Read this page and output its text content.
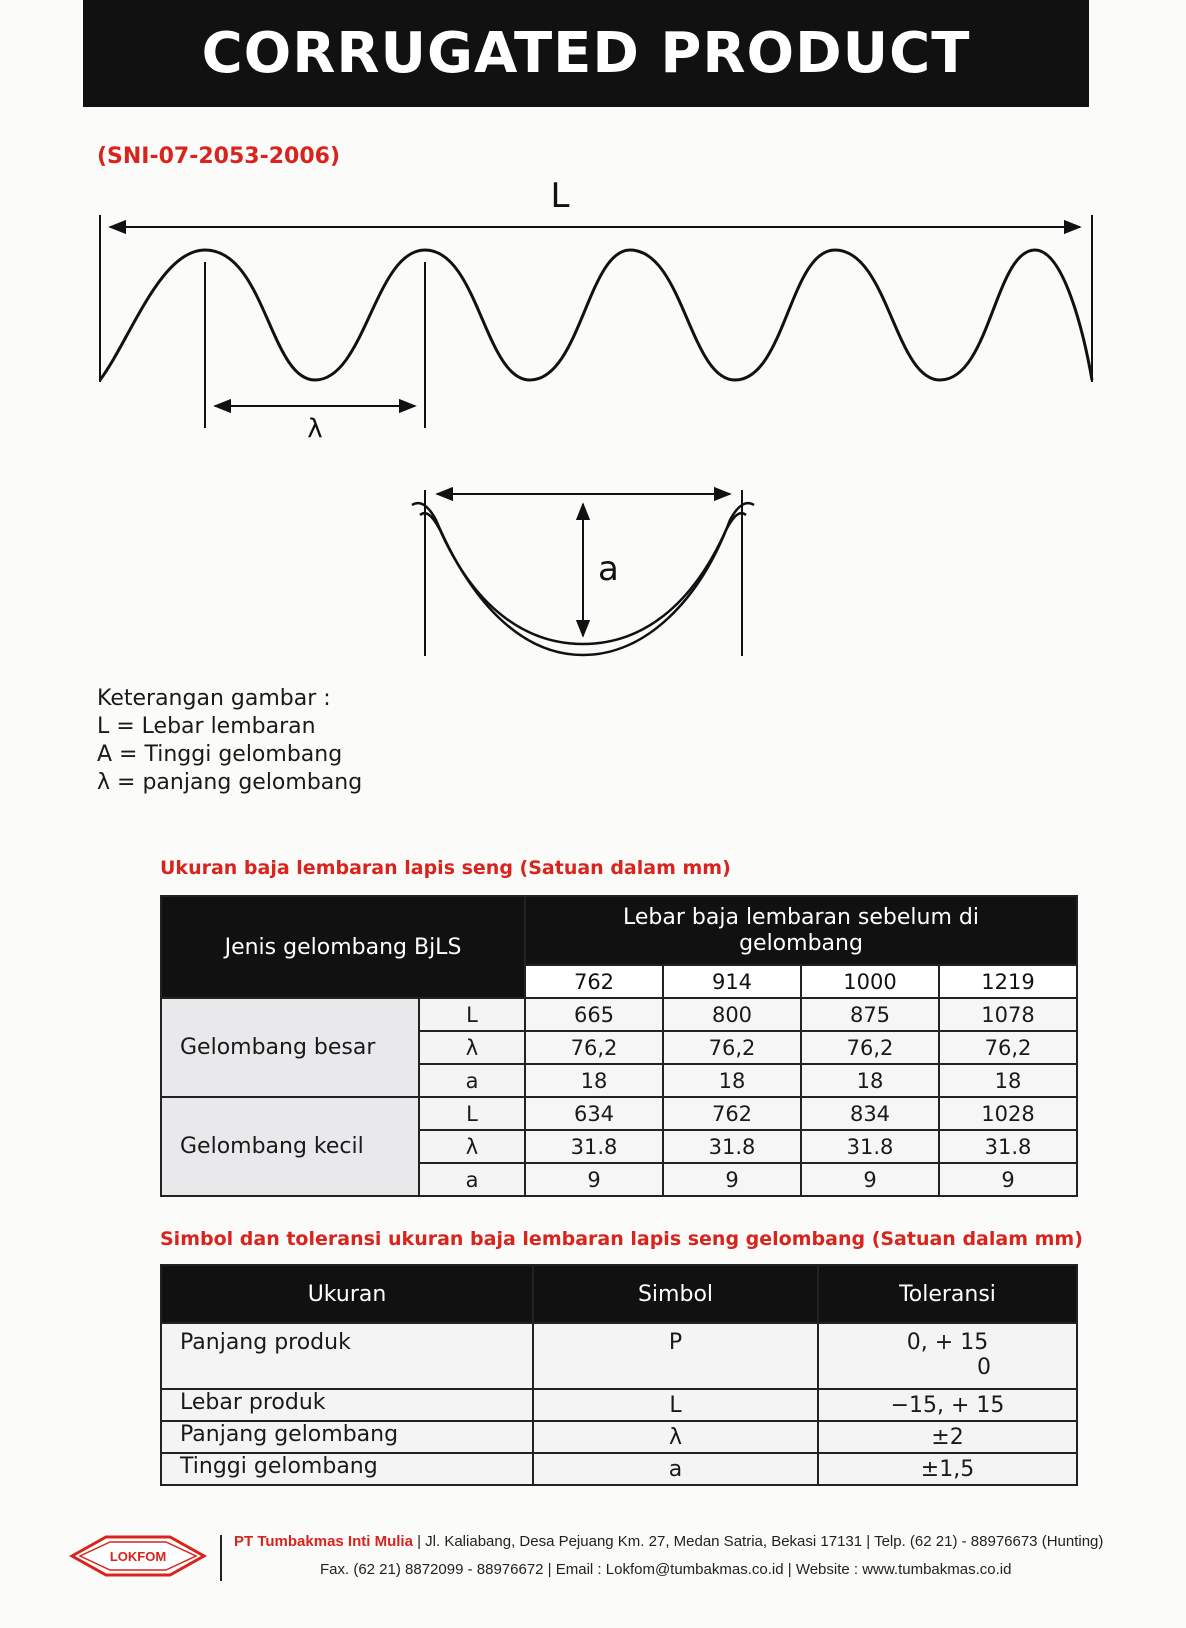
CORRUGATED PRODUCT
(SNI-07-2053-2006)
L
λ
a
Keterangan gambar :
L = Lebar lembaran
A = Tinggi gelombang
λ = panjang gelombang
Ukuran baja lembaran lapis seng (Satuan dalam mm)
Jenis gelombang BjLS		Lebar baja lembaran sebelum di gelombang			
		762	914	1000	1219
Gelombang besar	L	665	800	875	1078
	λ	76,2	76,2	76,2	76,2
	a	18	18	18	18
Gelombang kecil	L	634	762	834	1028
	λ	31.8	31.8	31.8	31.8
	a	9	9	9	9
Simbol dan toleransi ukuran baja lembaran lapis seng gelombang (Satuan dalam mm)
Ukuran	Simbol	Toleransi
Panjang produk	P	0, + 15
0

Lebar produk	L	−15, + 15
Panjang gelombang	λ	±2
Tinggi gelombang	a	±1,5
LOKFOM
PT Tumbakmas Inti Mulia | Jl. Kaliabang, Desa Pejuang Km. 27, Medan Satria, Bekasi 17131 | Telp. (62 21) - 88976673 (Hunting)
Fax. (62 21) 8872099 - 88976672 | Email : Lokfom@tumbakmas.co.id | Website : www.tumbakmas.co.id
